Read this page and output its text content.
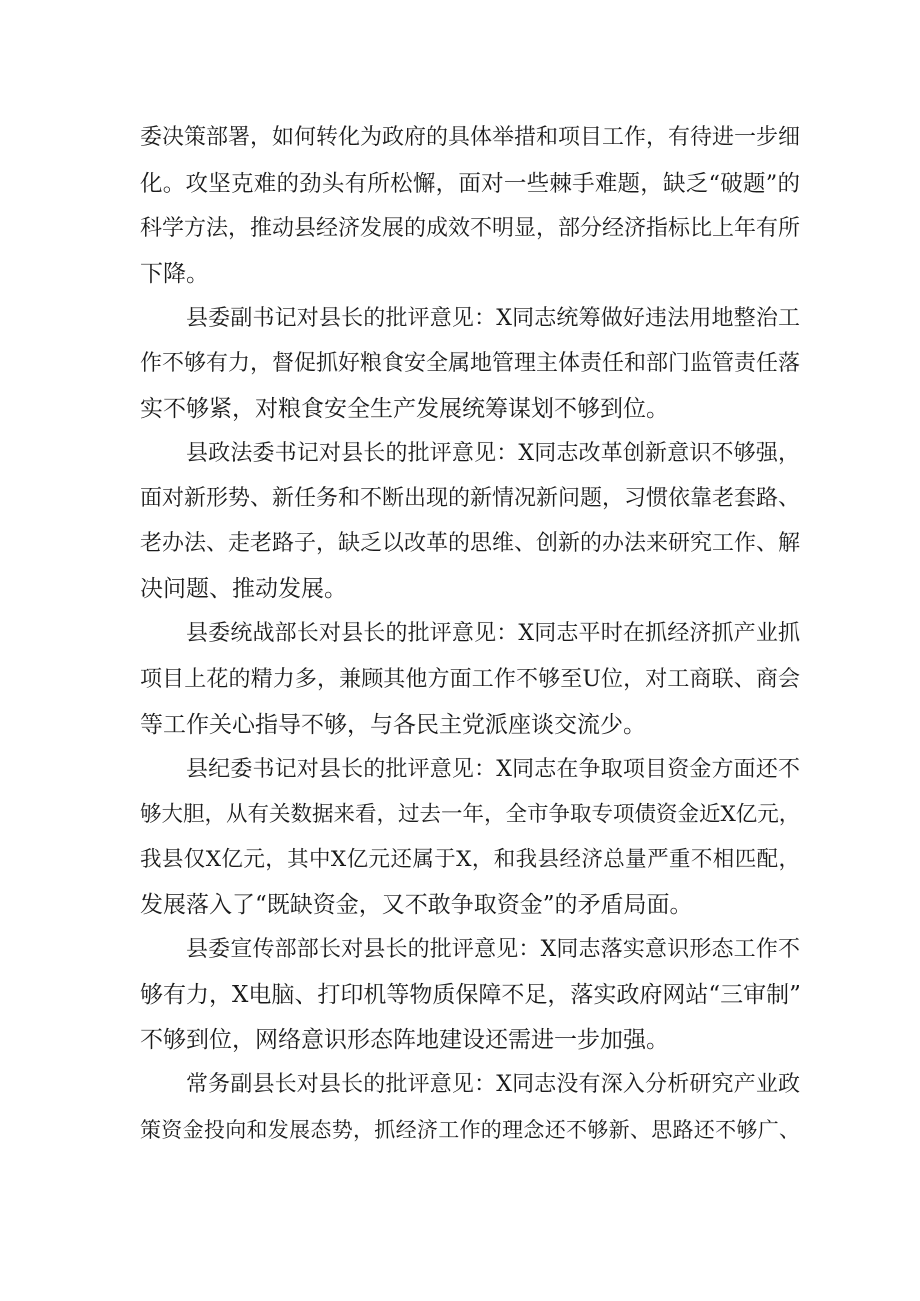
委决策部署，如何转化为政府的具体举措和项目工作，有待进一步细
化。攻坚克难的劲头有所松懈，面对一些棘手难题，缺乏“破题”的
科学方法，推动县经济发展的成效不明显，部分经济指标比上年有所
下降。
县委副书记对县长的批评意见：X同志统筹做好违法用地整治工
作不够有力，督促抓好粮食安全属地管理主体责任和部门监管责任落
实不够紧，对粮食安全生产发展统筹谋划不够到位。
县政法委书记对县长的批评意见：X同志改革创新意识不够强，
面对新形势、新任务和不断出现的新情况新问题，习惯依靠老套路、
老办法、走老路子，缺乏以改革的思维、创新的办法来研究工作、解
决问题、推动发展。
县委统战部长对县长的批评意见：X同志平时在抓经济抓产业抓
项目上花的精力多，兼顾其他方面工作不够至U位，对工商联、商会
等工作关心指导不够，与各民主党派座谈交流少。
县纪委书记对县长的批评意见：X同志在争取项目资金方面还不
够大胆，从有关数据来看，过去一年，全市争取专项债资金近X亿元，
我县仅X亿元，其中X亿元还属于X，和我县经济总量严重不相匹配，
发展落入了“既缺资金，又不敢争取资金”的矛盾局面。
县委宣传部部长对县长的批评意见：X同志落实意识形态工作不
够有力，X电脑、打印机等物质保障不足，落实政府网站“三审制”
不够到位，网络意识形态阵地建设还需进一步加强。
常务副县长对县长的批评意见：X同志没有深入分析研究产业政
策资金投向和发展态势，抓经济工作的理念还不够新、思路还不够广、
